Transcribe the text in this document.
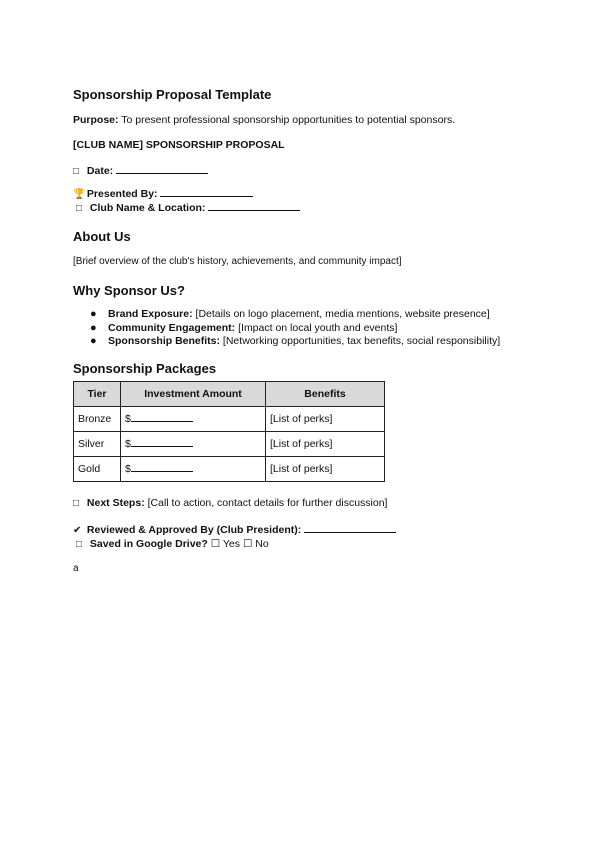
Sponsorship Proposal Template
Purpose: To present professional sponsorship opportunities to potential sponsors.
[CLUB NAME] SPONSORSHIP PROPOSAL
□ Date:
🏆 Presented By:
□ Club Name & Location:
About Us
[Brief overview of the club's history, achievements, and community impact]
Why Sponsor Us?
● Brand Exposure: [Details on logo placement, media mentions, website presence]
● Community Engagement: [Impact on local youth and events]
● Sponsorship Benefits: [Networking opportunities, tax benefits, social responsibility]
Sponsorship Packages
Tier	Investment Amount	Benefits
Bronze	$	[List of perks]
Silver	$	[List of perks]
Gold	$	[List of perks]
□ Next Steps: [Call to action, contact details for further discussion]
✔ Reviewed & Approved By (Club President):
□ Saved in Google Drive? ☐ Yes ☐ No
a
